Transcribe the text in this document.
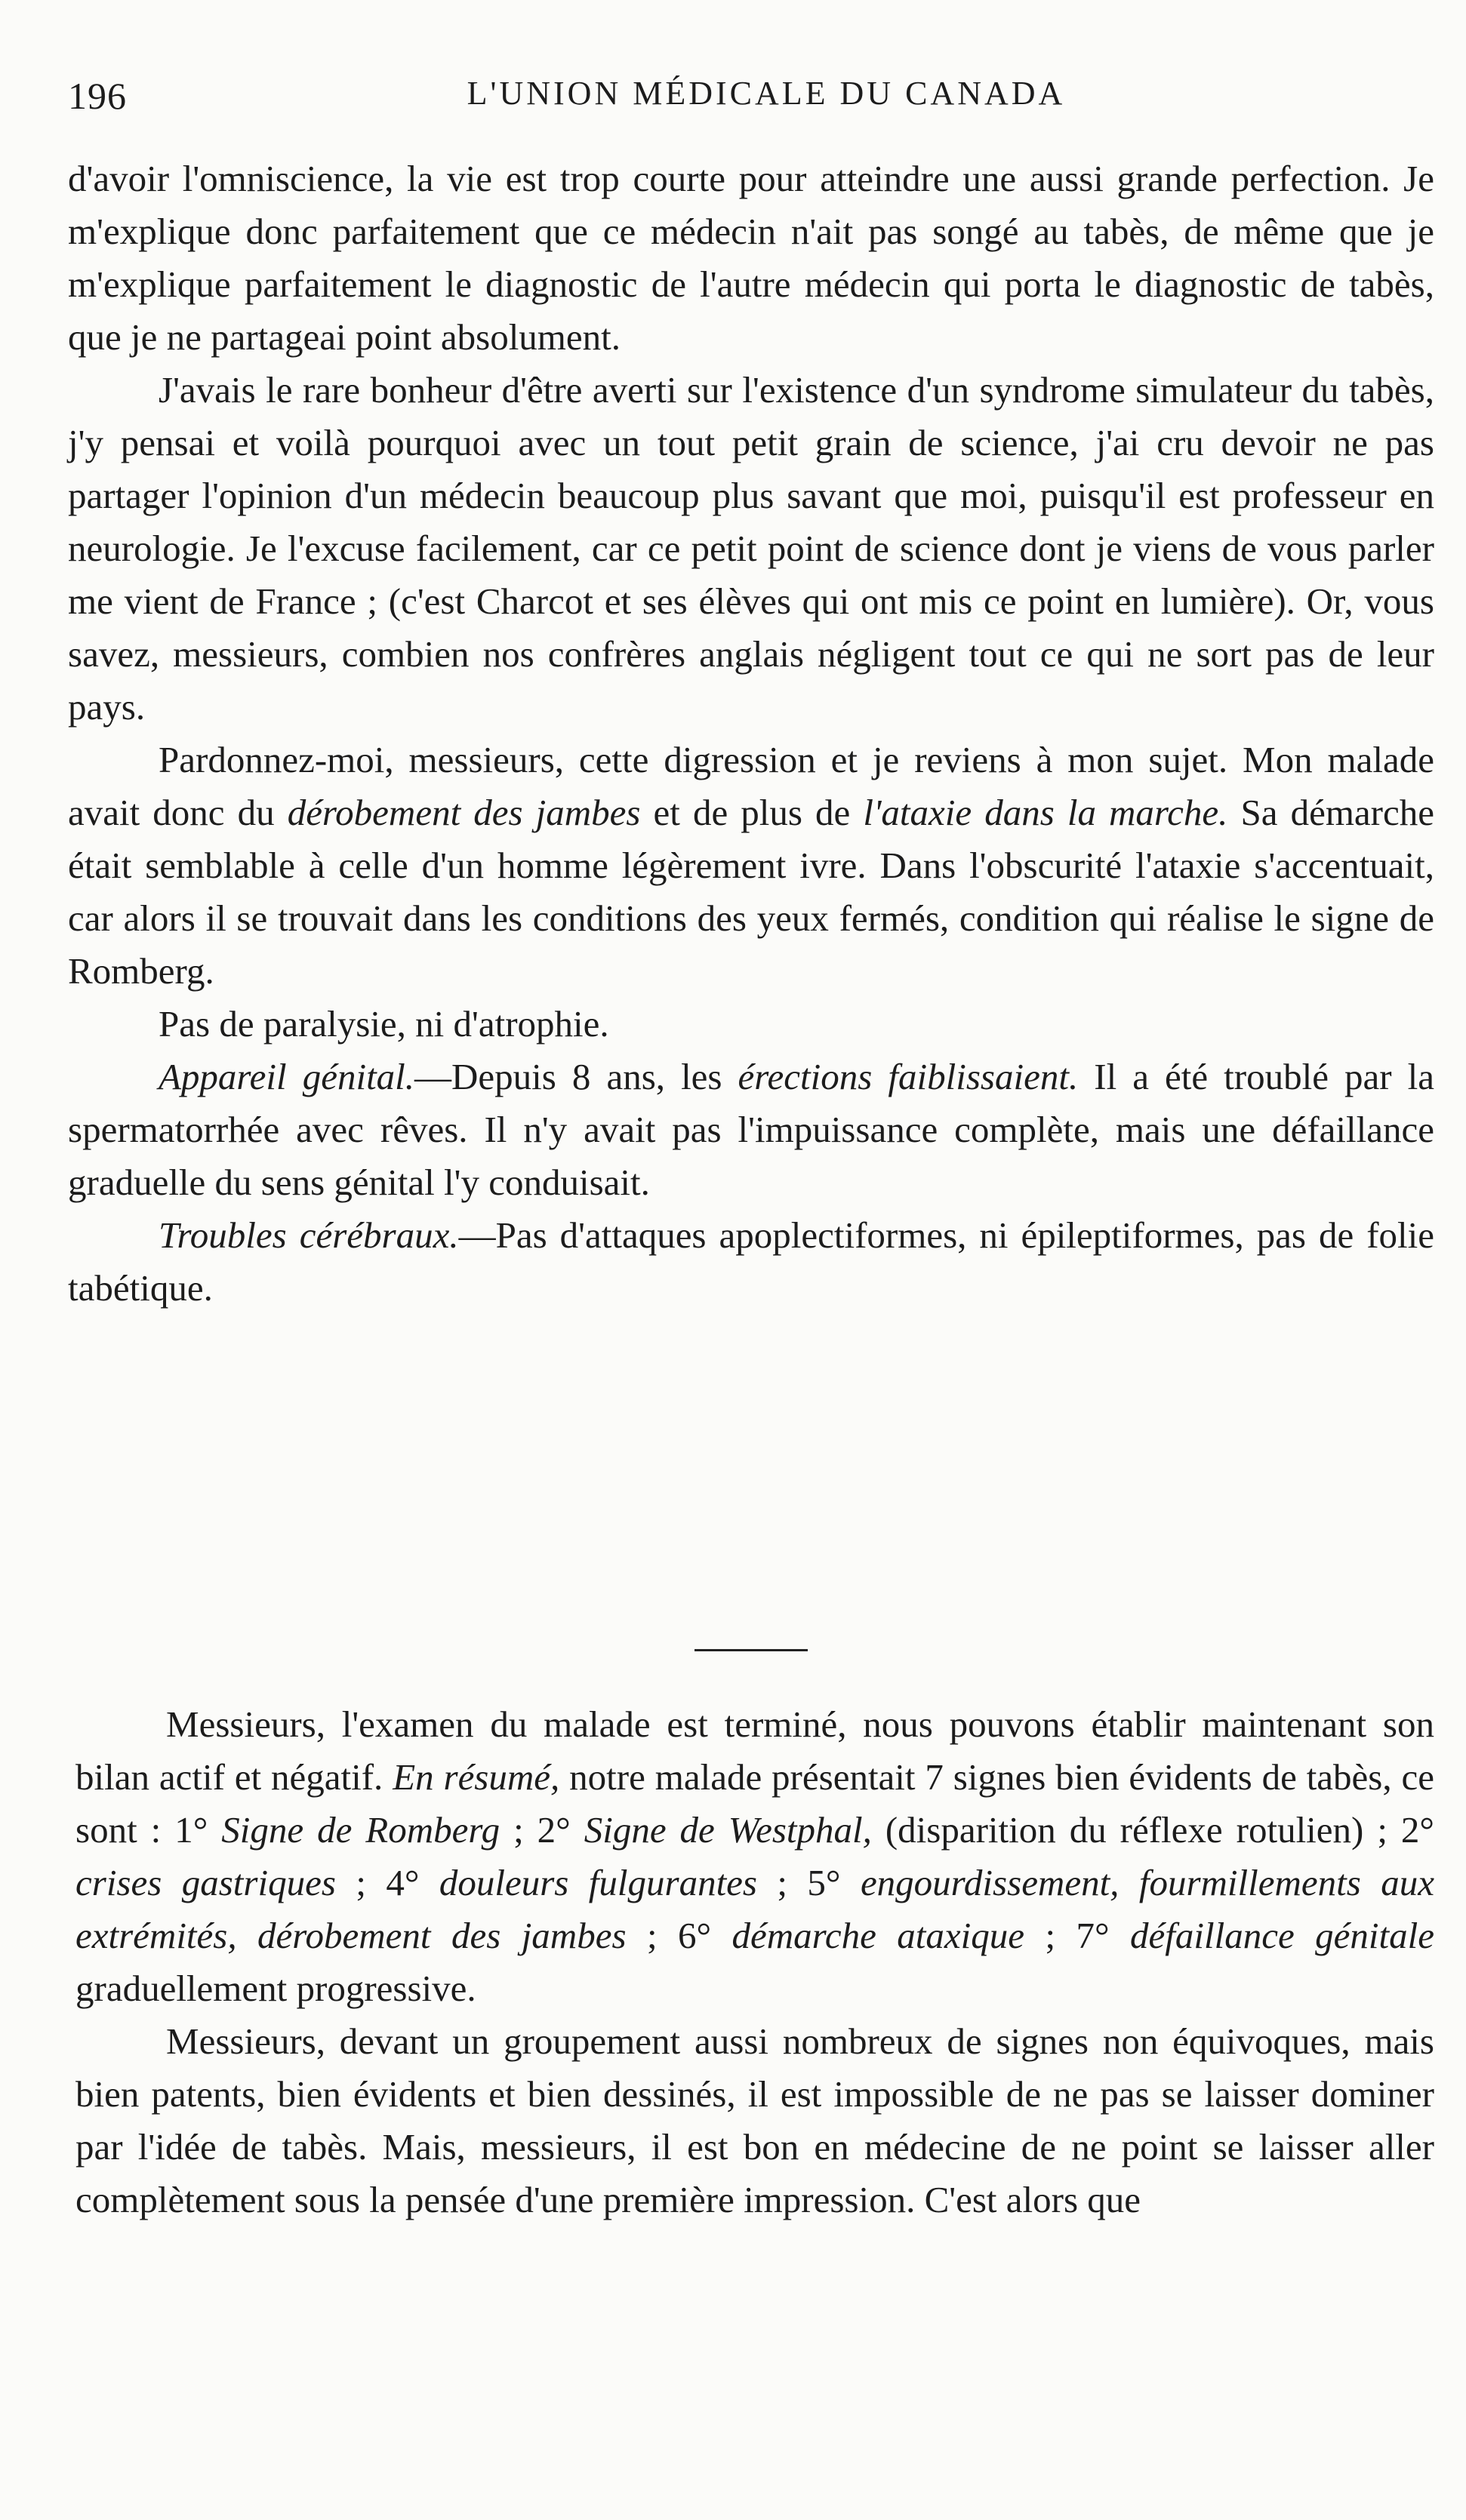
196	L'UNION MÉDICALE DU CANADA

d'avoir l'omniscience, la vie est trop courte pour atteindre une aussi grande perfection. Je m'explique donc parfaitement que ce médecin n'ait pas songé au tabès, de même que je m'explique parfaitement le diagnostic de l'autre médecin qui porta le diagnostic de tabès, que je ne partageai point absolument.

J'avais le rare bonheur d'être averti sur l'existence d'un syndrome simulateur du tabès, j'y pensai et voilà pourquoi avec un tout petit grain de science, j'ai cru devoir ne pas partager l'opinion d'un médecin beaucoup plus savant que moi, puisqu'il est professeur en neurologie. Je l'excuse facilement, car ce petit point de science dont je viens de vous parler me vient de France ; (c'est Charcot et ses élèves qui ont mis ce point en lumière). Or, vous savez, messieurs, combien nos confrères anglais négligent tout ce qui ne sort pas de leur pays.

Pardonnez-moi, messieurs, cette digression et je reviens à mon sujet. Mon malade avait donc du dérobement des jambes et de plus de l'ataxie dans la marche. Sa démarche était semblable à celle d'un homme légèrement ivre. Dans l'obscurité l'ataxie s'accentuait, car alors il se trouvait dans les conditions des yeux fermés, condition qui réalise le signe de Romberg.

Pas de paralysie, ni d'atrophie.

Appareil génital.—Depuis 8 ans, les érections faiblissaient. Il a été troublé par la spermatorrhée avec rêves. Il n'y avait pas l'impuissance complète, mais une défaillance graduelle du sens génital l'y conduisait.

Troubles cérébraux.—Pas d'attaques apoplectiformes, ni épileptiformes, pas de folie tabétique.

Messieurs, l'examen du malade est terminé, nous pouvons établir maintenant son bilan actif et négatif. En résumé, notre malade présentait 7 signes bien évidents de tabès, ce sont : 1° Signe de Romberg ; 2° Signe de Westphal, (disparition du réflexe rotulien) ; 2° crises gastriques ; 4° douleurs fulgurantes ; 5° engourdissement, fourmillements aux extrémités, dérobement des jambes ; 6° démarche ataxique ; 7° défaillance génitale graduellement progressive.

Messieurs, devant un groupement aussi nombreux de signes non équivoques, mais bien patents, bien évidents et bien dessinés, il est impossible de ne pas se laisser dominer par l'idée de tabès. Mais, messieurs, il est bon en médecine de ne point se laisser aller complètement sous la pensée d'une première impression. C'est alors que
